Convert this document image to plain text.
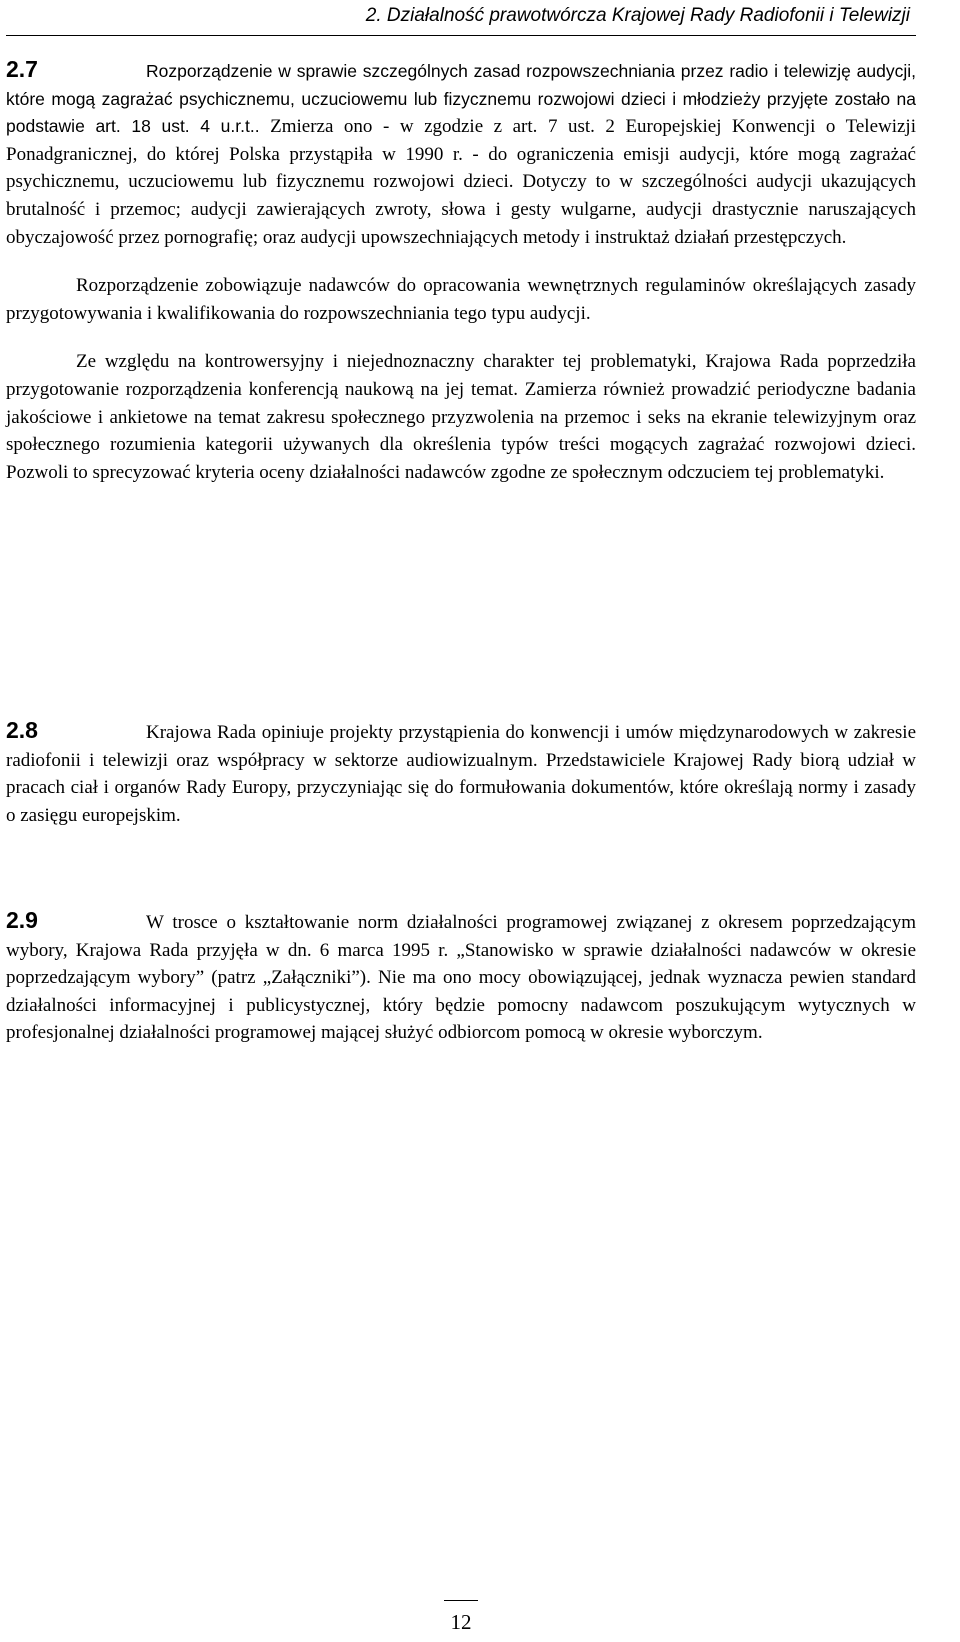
2. Działalność prawotwórcza Krajowej Rady Radiofonii i Telewizji

2.7	Rozporządzenie w sprawie szczególnych zasad rozpowszechniania przez radio i telewizję audycji, które mogą zagrażać psychicznemu, uczuciowemu lub fizycznemu rozwojowi dzieci i młodzieży przyjęte zostało na podstawie art. 18 ust. 4 u.r.t.. Zmierza ono - w zgodzie z art. 7 ust. 2 Europejskiej Konwencji o Telewizji Ponadgranicznej, do której Polska przystąpiła w 1990 r. - do ograniczenia emisji audycji, które mogą zagrażać psychicznemu, uczuciowemu lub fizycznemu rozwojowi dzieci. Dotyczy to w szczególności audycji ukazujących brutalność i przemoc; audycji zawierających zwroty, słowa i gesty wulgarne, audycji drastycznie naruszających obyczajowość przez pornografię; oraz audycji upowszechniających metody i instruktaż działań przestępczych.

Rozporządzenie zobowiązuje nadawców do opracowania wewnętrznych regulaminów określających zasady przygotowywania i kwalifikowania do rozpowszechniania tego typu audycji.

Ze względu na kontrowersyjny i niejednoznaczny charakter tej problematyki, Krajowa Rada poprzedziła przygotowanie rozporządzenia konferencją naukową na jej temat. Zamierza również prowadzić periodyczne badania jakościowe i ankietowe na temat zakresu społecznego przyzwolenia na przemoc i seks na ekranie telewizyjnym oraz społecznego rozumienia kategorii używanych dla określenia typów treści mogących zagrażać rozwojowi dzieci. Pozwoli to sprecyzować kryteria oceny działalności nadawców zgodne ze społecznym odczuciem tej problematyki.

2.8	Krajowa Rada opiniuje projekty przystąpienia do konwencji i umów międzynarodowych w zakresie radiofonii i telewizji oraz współpracy w sektorze audiowizualnym. Przedstawiciele Krajowej Rady biorą udział w pracach ciał i organów Rady Europy, przyczyniając się do formułowania dokumentów, które określają normy i zasady o zasięgu europejskim.

2.9	W trosce o kształtowanie norm działalności programowej związanej z okresem poprzedzającym wybory, Krajowa Rada przyjęła w dn. 6 marca 1995 r. „Stanowisko w sprawie działalności nadawców w okresie poprzedzającym wybory” (patrz „Załączniki”). Nie ma ono mocy obowiązującej, jednak wyznacza pewien standard działalności informacyjnej i publicystycznej, który będzie pomocny nadawcom poszukującym wytycznych w profesjonalnej działalności programowej mającej służyć odbiorcom pomocą w okresie wyborczym.

12
